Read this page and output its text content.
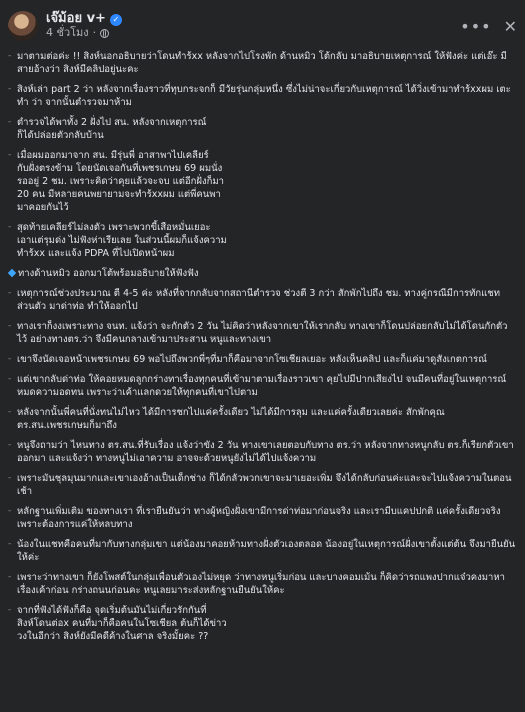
เจ๊ม้อย v+ ✓
4 ชั่วโมง ·	••• ✕
- มาตามต่อค่ะ !! สิงห์นอกอธิบายว่าโดนทำร้xx หลังจากไปโรงพัก ด้านหมิว โต้กลับ มาอธิบายเหตุการณ์ ให้ฟังค่ะ แต่เอ๊ะ มีสายอ้างว่า สิงห์มีคลิปอยู่นะคะ
- สิงห์เล่า part 2 ว่า หลังจากเรื่องราวที่ทุบกระจกก็ มีวัยรุ่นกลุ่มหนึ่ง ซึ่งไม่น่าจะเกี่ยวกับเหตุการณ์ ได้วิ่งเข้ามาทำร้xxผม เตะทำ ว่า จากนั้นตำรวจมาห้าม
- ตำรวจได้พาทั้ง 2 ฝั่งไป สน. หลังจากเหตุการณ์
ก็ได้ปล่อยตัวกลับบ้าน
- เมื่อผมออกมาจาก สน. มีรุ่นพี่ อาสาพาไปเคลียร์
กับฝั่งตรงข้าม โดยนัดเจอกันที่เพชรเกษม 69 ผมนั่ง
รออยู่ 2 ชม. เพราะคิดว่าคุยแล้วจะจบ แต่อีกฝั่งก็มา
20 คน มีหลายคนพยายามจะทำร้xxผม แต่พี่คนพา
มาคอยกันไว้
- สุดท้ายเคลียร์ไม่ลงตัว เพราะพวกขี้เสือหมั่นเยอะ
เอาแต่รุมด่ง ไม่ฟังห่าเรียเลย ในส่วนนี้ผมก็แจ้งความ
ทำร้xx และแจ้ง PDPA ที่ไปเปิดหน้าผม
ทางด้านหมิว ออกมาโต้พร้อมอธิบายให้ฟังฟัง
- เหตุการณ์ช่วงประมาณ ตี 4-5 ค่ะ หลังที่จากกลับจากสถานีตำรวจ ช่วงตี 3 กว่า สักพักไปถึง ชม. ทางคู่กรณีมีการทักแชทส่วนตัว มาด่าท่อ ทำให้ออกไป
- ทางเราก็งงเพราะทาง จนท. แจ้งว่า จะกักตัว 2 วัน ไม่คิดว่าหลังจากเขาให้เรากลับ ทางเขาก็โดนปล่อยกลับไม่ได้โดนกักตัวไว้ อย่างทางตร.ว่า จึงมีคนกลางเข้ามาประสาน หนูและทางเขา
- เขาจึงนัดเจอหน้าเพชรเกษม 69 พอไปถึงพวกพี่ๆที่มาก็คือมาจากโซเชียลเยอะ หลังเห็นคลิป และก็แค่มาดูสังเกตการณ์
- แต่เขากลับด่าท่อ ให้คอยหมดลูกกร่างทาเรื่องทุกคนที่เข้ามาตามเรื่องราวเขา คุยไปมีปากเสียงไป จนมีคนที่อยู่ในเหตุการณ์หมดความอดทน เพราะว่าเค้าแลกดวยให้ทุกคนที่เขาไปตาม
- หลังจากนั้นพี่คนที่นั่งทนไม่ไหว ได้มีการชกไปแค่ครั้งเดียว ไม่ได้มีการลุม และแค่ครั้งเดียวเลยค่ะ สักพักคุณ ตร.สน.เพชรเกษมก็มาถึง
- หนูจึงถามว่า ไหนทาง ตร.สน.ที่รับเรื่อง แจ้งว่าขัง 2 วัน ทางเขาเลยตอบกับทาง ตร.ว่า หลังจากทางหนูกลับ ตร.ก็เรียกตัวเขาออกมา และแจ้งว่า ทางหนูไม่เอาความ อาจจะด้วยหนูยังไม่ได้ไปแจ้งความ
- เพราะมันชุลมุนมากและเขาเองอ้างเป็นเด็กช่าง ก็ได้กลัวพวกเขาจะมาเยอะเพิ่ม จึงได้กลับก่อนค่ะและจะไปแจ้งความในตอนเช้า
- หลักฐานเพิ่มเติม ของทางเรา ที่เรายืนยันว่า ทางผู้หญิงฝั่งเขามีการด่าท่อมาก่อนจริง และเรามีบแคปปกติ แค่ครั้งเดียวจริง เพราะต้องการแค่ให้หลบทาง
- น้องในแชทคือคนที่มากับทางกลุ่มเขา แต่น้องมาคอยห้ามทางฝั่งตัวเองตลอด น้องอยู่ในเหตุการณ์ฝั่งเขาตั้งแต่ต้น จึงมายืนยันให้ค่ะ
- เพราะว่าทางเขา ก็ยังโพสต์ในกลุ่มเพื่อนตัวเองไม่หยุด ว่าทางหนูเริ่มก่อน และบางคอมเม้น ก็คิดว่ารถแพงปากแจ๋วคงมาหาเรื่องเค้าก่อน กร่างถนนก่อนคะ หนูเลยมาระส่งหลักฐานยืนยันให้คะ
- จากที่ฟังได้ฟังก็คือ จุดเริ่มต้นมันไม่เกี่ยวรักกันที่
สิงห์โดนต่อx คนที่มาก็คือคนในโซเชียล ต้นก็ได้ข่าว
วงในอีกว่า สิงห์ยังมีคดีค้างในศาล จริงมั้ยคะ ??
